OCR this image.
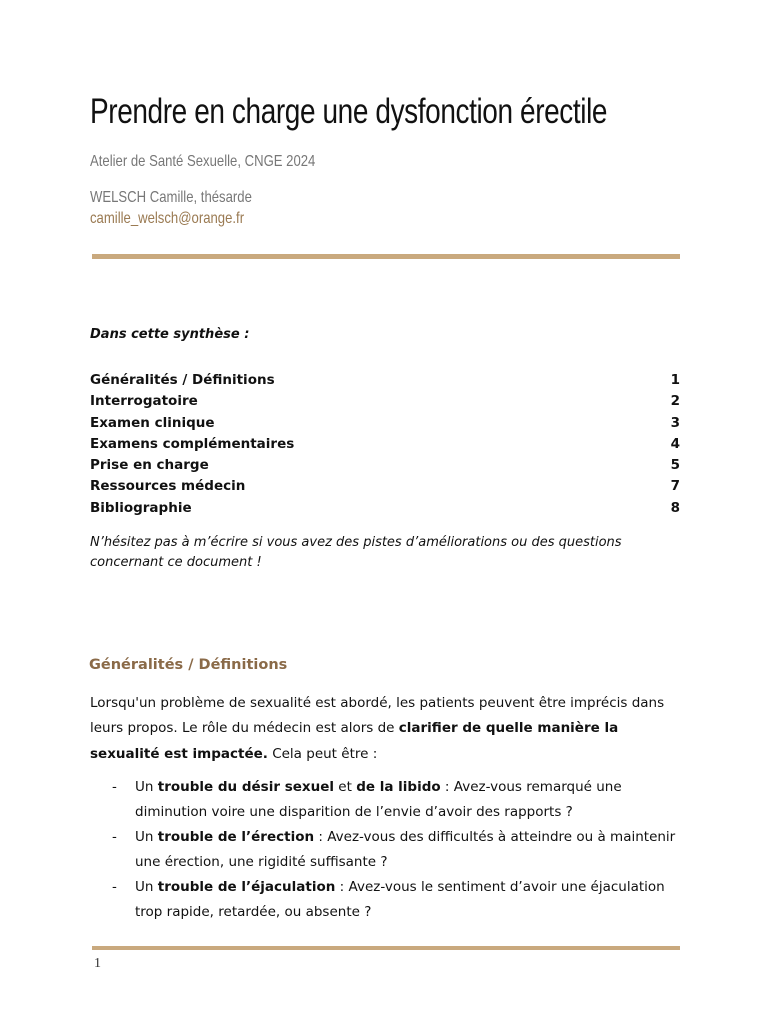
Prendre en charge une dysfonction érectile
Atelier de Santé Sexuelle, CNGE 2024
WELSCH Camille, thésarde
camille_welsch@orange.fr

Dans cette synthèse :

Généralités / Définitions	1
Interrogatoire	2
Examen clinique	3
Examens complémentaires	4
Prise en charge	5
Ressources médecin	7
Bibliographie	8

N’hésitez pas à m’écrire si vous avez des pistes d’améliorations ou des questions concernant ce document !

Généralités / Définitions

Lorsqu'un problème de sexualité est abordé, les patients peuvent être imprécis dans leurs propos. Le rôle du médecin est alors de clarifier de quelle manière la sexualité est impactée. Cela peut être :

- Un trouble du désir sexuel et de la libido : Avez-vous remarqué une diminution voire une disparition de l’envie d’avoir des rapports ?
- Un trouble de l’érection : Avez-vous des difficultés à atteindre ou à maintenir une érection, une rigidité suffisante ?
- Un trouble de l’éjaculation : Avez-vous le sentiment d’avoir une éjaculation trop rapide, retardée, ou absente ?
1
